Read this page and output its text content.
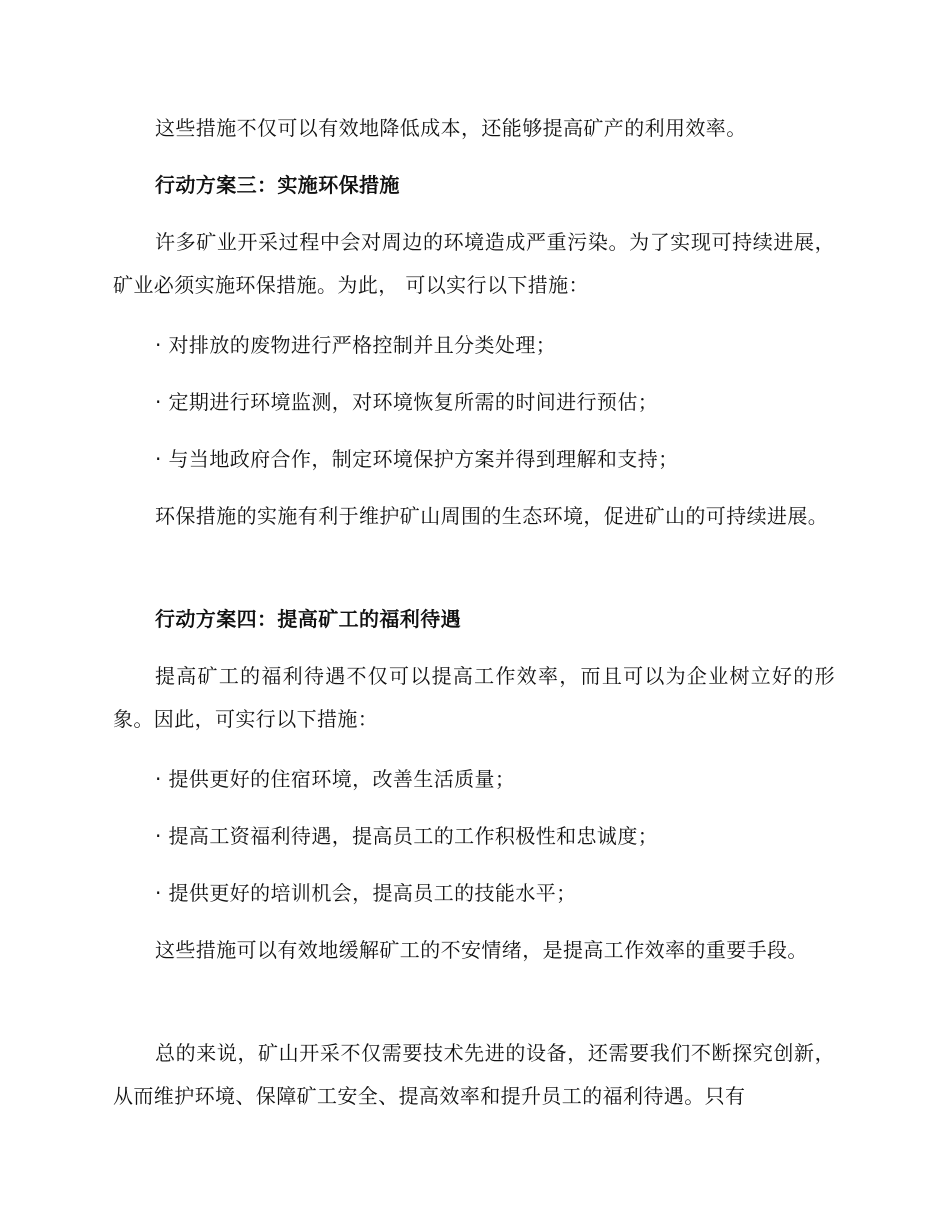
这些措施不仅可以有效地降低成本，还能够提高矿产的利用效率。

行动方案三：实施环保措施

许多矿业开采过程中会对周边的环境造成严重污染。为了实现可持续进展，矿业必须实施环保措施。为此， 可以实行以下措施：

· 对排放的废物进行严格控制并且分类处理；

· 定期进行环境监测，对环境恢复所需的时间进行预估；

· 与当地政府合作，制定环境保护方案并得到理解和支持；

环保措施的实施有利于维护矿山周围的生态环境，促进矿山的可持续进展。

行动方案四：提高矿工的福利待遇

提高矿工的福利待遇不仅可以提高工作效率，而且可以为企业树立好的形象。因此，可实行以下措施：

· 提供更好的住宿环境，改善生活质量；

· 提高工资福利待遇，提高员工的工作积极性和忠诚度；

· 提供更好的培训机会，提高员工的技能水平；

这些措施可以有效地缓解矿工的不安情绪，是提高工作效率的重要手段。

总的来说，矿山开采不仅需要技术先进的设备，还需要我们不断探究创新，从而维护环境、保障矿工安全、提高效率和提升员工的福利待遇。只有
